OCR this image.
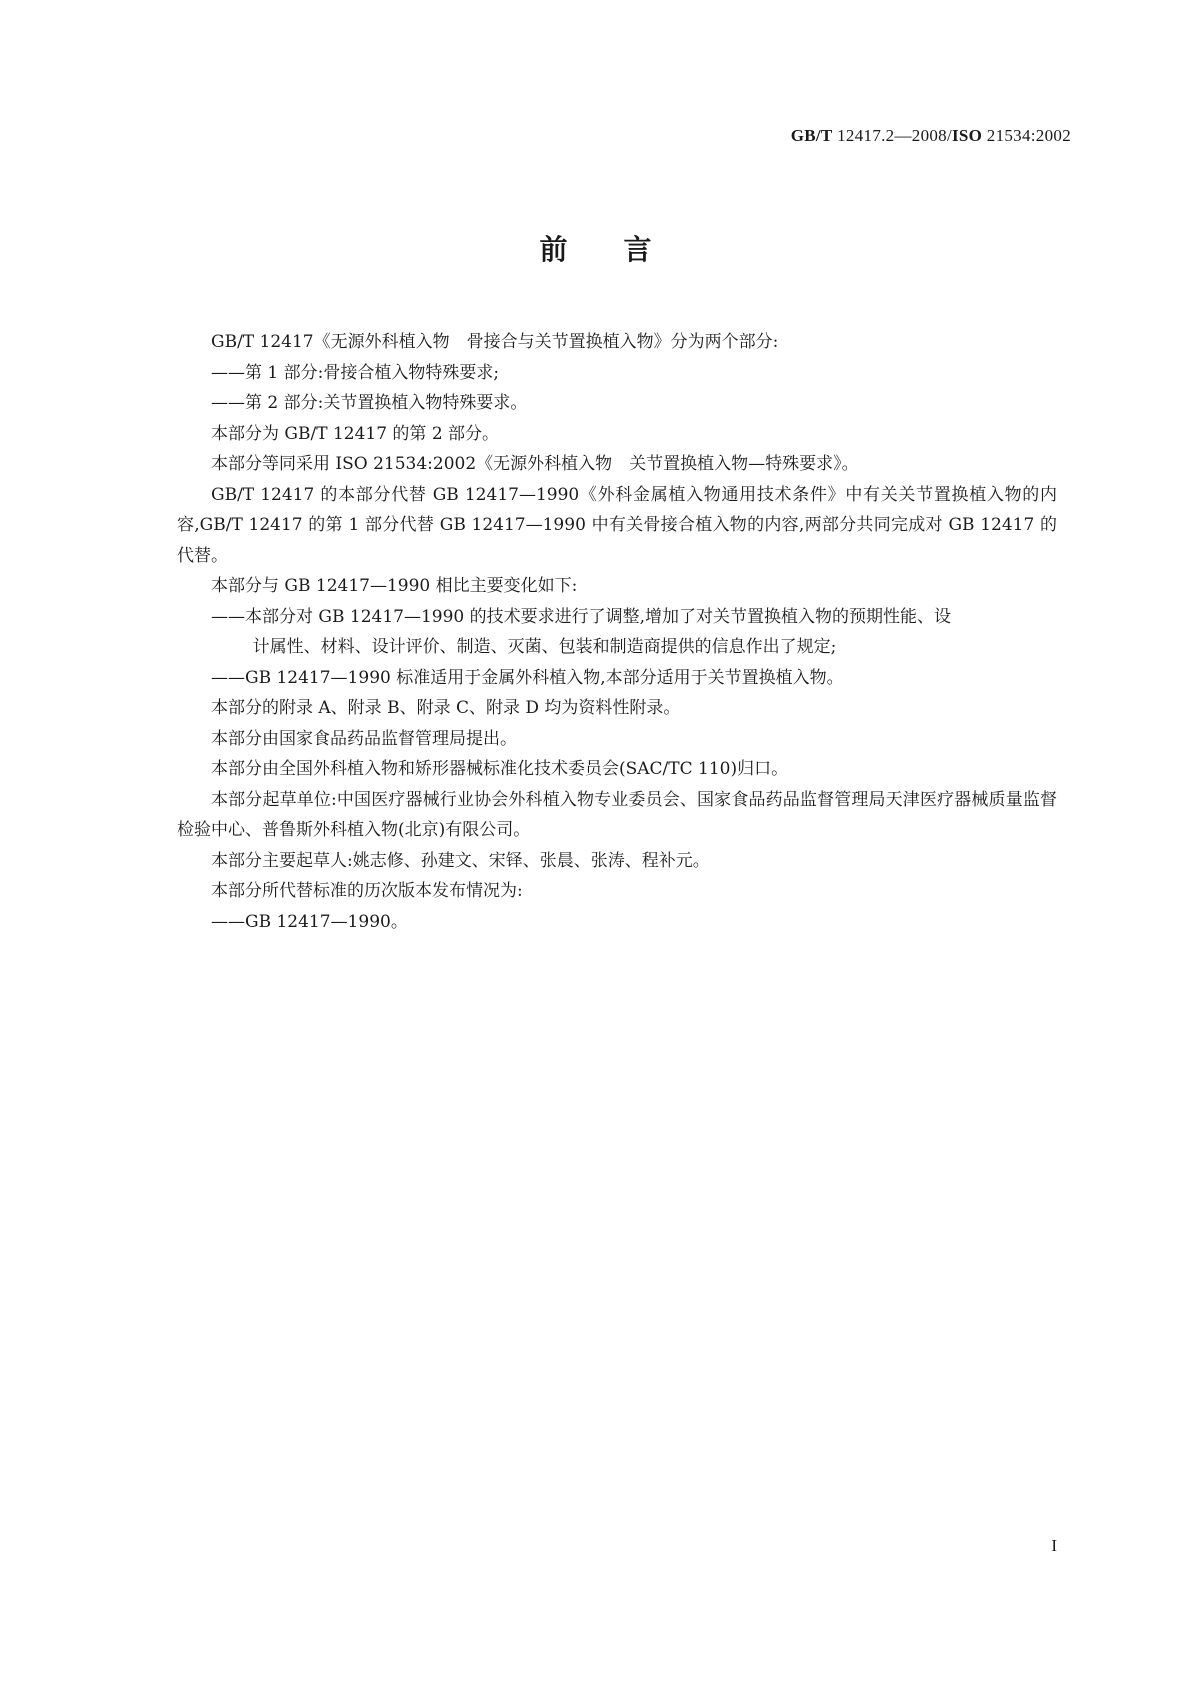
GB/T 12417.2—2008/ISO 21534:2002
前言

GB/T 12417《无源外科植入物　骨接合与关节置换植入物》分为两个部分:

——第 1 部分:骨接合植入物特殊要求;

——第 2 部分:关节置换植入物特殊要求。

本部分为 GB/T 12417 的第 2 部分。

本部分等同采用 ISO 21534:2002《无源外科植入物　关节置换植入物—特殊要求》。

GB/T 12417 的本部分代替 GB 12417—1990《外科金属植入物通用技术条件》中有关关节置换植入物的内容,GB/T 12417 的第 1 部分代替 GB 12417—1990 中有关骨接合植入物的内容,两部分共同完成对 GB 12417 的代替。

本部分与 GB 12417—1990 相比主要变化如下:

——本部分对 GB 12417—1990 的技术要求进行了调整,增加了对关节置换植入物的预期性能、设

计属性、材料、设计评价、制造、灭菌、包装和制造商提供的信息作出了规定;

——GB 12417—1990 标准适用于金属外科植入物,本部分适用于关节置换植入物。

本部分的附录 A、附录 B、附录 C、附录 D 均为资料性附录。

本部分由国家食品药品监督管理局提出。

本部分由全国外科植入物和矫形器械标准化技术委员会(SAC/TC 110)归口。

本部分起草单位:中国医疗器械行业协会外科植入物专业委员会、国家食品药品监督管理局天津医疗器械质量监督检验中心、普鲁斯外科植入物(北京)有限公司。

本部分主要起草人:姚志修、孙建文、宋铎、张晨、张涛、程补元。

本部分所代替标准的历次版本发布情况为:

——GB 12417—1990。

I
